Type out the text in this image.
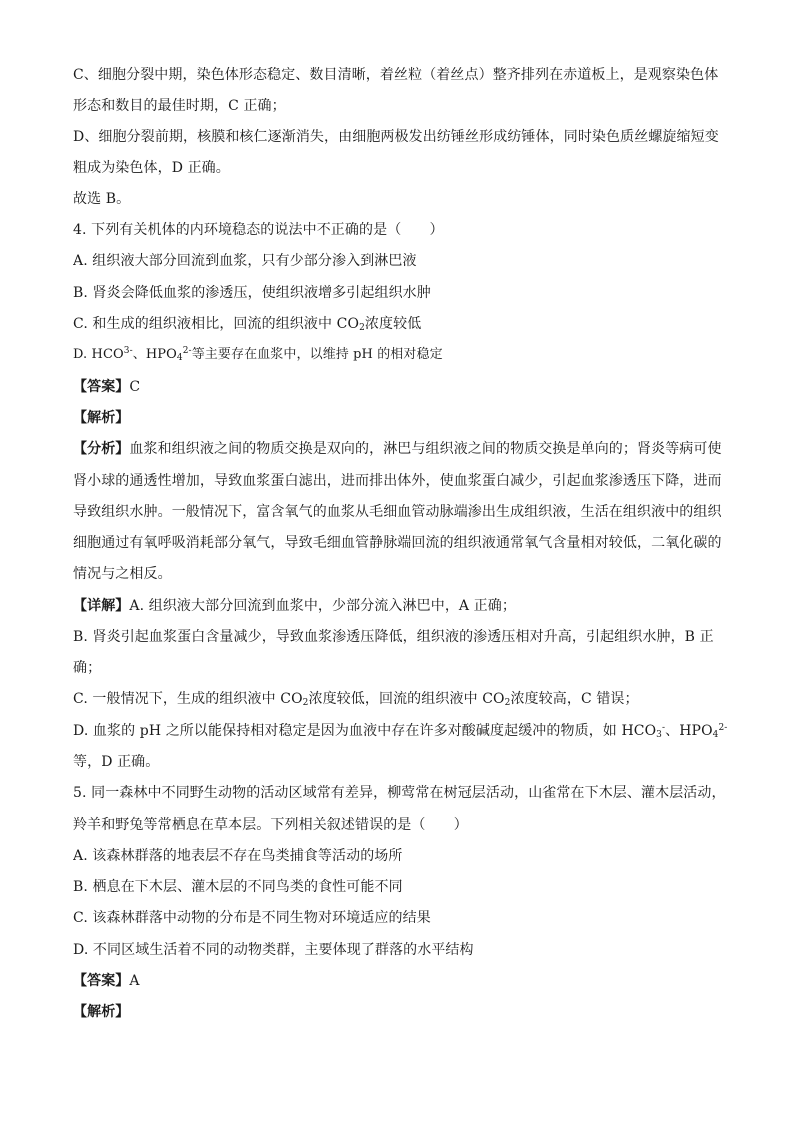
C、细胞分裂中期，染色体形态稳定、数目清晰，着丝粒（着丝点）整齐排列在赤道板上，是观察染色体
形态和数目的最佳时期，C 正确；
D、细胞分裂前期，核膜和核仁逐渐消失，由细胞两极发出纺锤丝形成纺锤体，同时染色质丝螺旋缩短变
粗成为染色体，D 正确。
故选 B。
4. 下列有关机体的内环境稳态的说法中不正确的是（　　）
A. 组织液大部分回流到血浆，只有少部分渗入到淋巴液
B. 肾炎会降低血浆的渗透压，使组织液增多引起组织水肿
C. 和生成的组织液相比，回流的组织液中 $CO_2$浓度较低
D. $HCO^{3-}$、$HPO_4^{2-}$等主要存在血浆中，以维持 pH 的相对稳定
【答案】C
【解析】
【分析】血浆和组织液之间的物质交换是双向的，淋巴与组织液之间的物质交换是单向的；肾炎等病可使
肾小球的通透性增加，导致血浆蛋白滤出，进而排出体外，使血浆蛋白减少，引起血浆渗透压下降，进而
导致组织水肿。一般情况下，富含氧气的血浆从毛细血管动脉端渗出生成组织液，生活在组织液中的组织
细胞通过有氧呼吸消耗部分氧气，导致毛细血管静脉端回流的组织液通常氧气含量相对较低，二氧化碳的
情况与之相反。
【详解】A. 组织液大部分回流到血浆中，少部分流入淋巴中，A 正确；
B. 肾炎引起血浆蛋白含量减少，导致血浆渗透压降低，组织液的渗透压相对升高，引起组织水肿，B 正
确；
C. 一般情况下，生成的组织液中 $CO_2$浓度较低，回流的组织液中 $CO_2$浓度较高，C 错误；
D. 血浆的 pH 之所以能保持相对稳定是因为血液中存在许多对酸碱度起缓冲的物质，如 $HCO_3^-$、$HPO_4^{2-}$
等，D 正确。
5. 同一森林中不同野生动物的活动区域常有差异，柳莺常在树冠层活动，山雀常在下木层、灌木层活动，
羚羊和野兔等常栖息在草本层。下列相关叙述错误的是（　　）
A. 该森林群落的地表层不存在鸟类捕食等活动的场所
B. 栖息在下木层、灌木层的不同鸟类的食性可能不同
C. 该森林群落中动物的分布是不同生物对环境适应的结果
D. 不同区域生活着不同的动物类群，主要体现了群落的水平结构
【答案】A
【解析】
